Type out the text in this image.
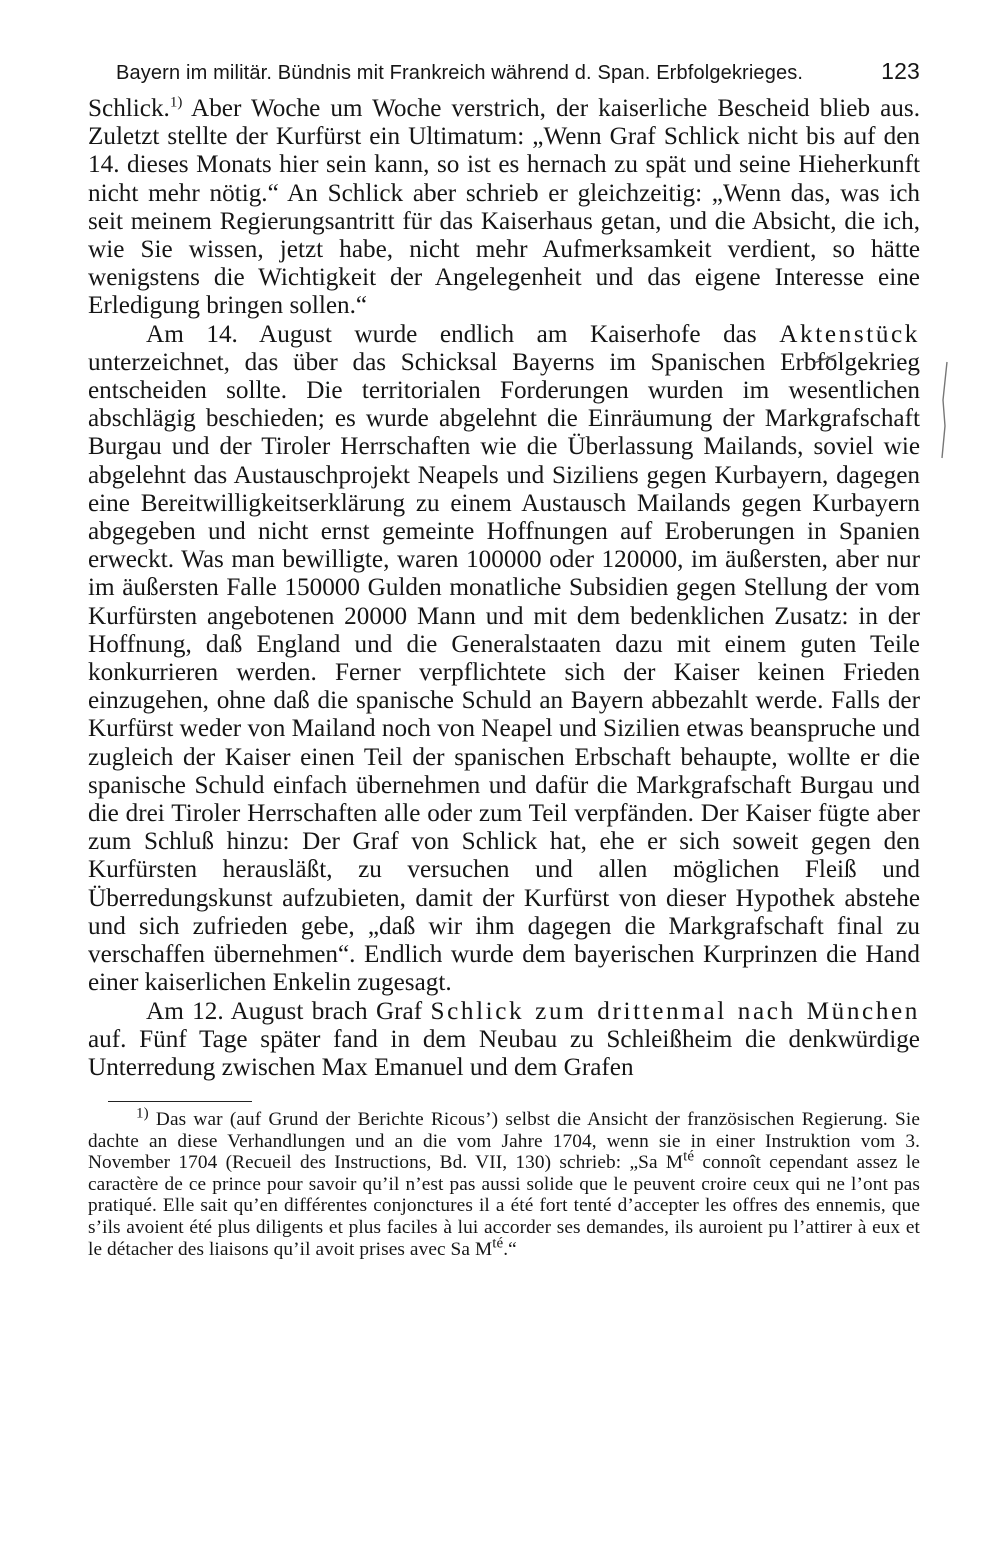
Bayern im militär. Bündnis mit Frankreich während d. Span. Erbfolgekrieges.	123

Schlick.$^{1)}$ Aber Woche um Woche verstrich, der kaiserliche Bescheid blieb aus. Zuletzt stellte der Kurfürst ein Ultimatum: „Wenn Graf Schlick nicht bis auf den 14. dieses Monats hier sein kann, so ist es hernach zu spät und seine Hieherkunft nicht mehr nötig.“ An Schlick aber schrieb er gleichzeitig: „Wenn das, was ich seit meinem Regierungsantritt für das Kaiserhaus getan, und die Absicht, die ich, wie Sie wissen, jetzt habe, nicht mehr Aufmerksamkeit verdient, so hätte wenigstens die Wichtigkeit der Angelegenheit und das eigene Interesse eine Erledigung bringen sollen.“

Am 14. August wurde endlich am Kaiserhofe das Aktenstück unterzeichnet, das über das Schicksal Bayerns im Spanischen Erbfolgekrieg entscheiden sollte. Die territorialen Forderungen wurden im wesentlichen abschlägig beschieden; es wurde abgelehnt die Einräumung der Markgrafschaft Burgau und der Tiroler Herrschaften wie die Überlassung Mailands, soviel wie abgelehnt das Austauschprojekt Neapels und Siziliens gegen Kurbayern, dagegen eine Bereitwilligkeitserklärung zu einem Austausch Mailands gegen Kurbayern abgegeben und nicht ernst gemeinte Hoffnungen auf Eroberungen in Spanien erweckt. Was man bewilligte, waren 100000 oder 120000, im äußersten, aber nur im äußersten Falle 150000 Gulden monatliche Subsidien gegen Stellung der vom Kurfürsten angebotenen 20000 Mann und mit dem bedenklichen Zusatz: in der Hoffnung, daß England und die Generalstaaten dazu mit einem guten Teile konkurrieren werden. Ferner verpflichtete sich der Kaiser keinen Frieden einzugehen, ohne daß die spanische Schuld an Bayern abbezahlt werde. Falls der Kurfürst weder von Mailand noch von Neapel und Sizilien etwas beanspruche und zugleich der Kaiser einen Teil der spanischen Erbschaft behaupte, wollte er die spanische Schuld einfach übernehmen und dafür die Markgrafschaft Burgau und die drei Tiroler Herrschaften alle oder zum Teil verpfänden. Der Kaiser fügte aber zum Schluß hinzu: Der Graf von Schlick hat, ehe er sich soweit gegen den Kurfürsten herausläßt, zu versuchen und allen möglichen Fleiß und Überredungskunst aufzubieten, damit der Kurfürst von dieser Hypothek abstehe und sich zufrieden gebe, „daß wir ihm dagegen die Markgrafschaft final zu verschaffen übernehmen“. Endlich wurde dem bayerischen Kurprinzen die Hand einer kaiserlichen Enkelin zugesagt.

Am 12. August brach Graf Schlick zum drittenmal nach München auf. Fünf Tage später fand in dem Neubau zu Schleißheim die denkwürdige Unterredung zwischen Max Emanuel und dem Grafen

$^{1)}$ Das war (auf Grund der Berichte Ricous’) selbst die Ansicht der französischen Regierung. Sie dachte an diese Verhandlungen und an die vom Jahre 1704, wenn sie in einer Instruktion vom 3. November 1704 (Recueil des Instructions, Bd. VII, 130) schrieb: „Sa $M^{té}$ connoît cependant assez le caractère de ce prince pour savoir qu’il n’est pas aussi solide que le peuvent croire ceux qui ne l’ont pas pratiqué. Elle sait qu’en différentes conjonctures il a été fort tenté d’accepter les offres des ennemis, que s’ils avoient été plus diligents et plus faciles à lui accorder ses demandes, ils auroient pu l’attirer à eux et le détacher des liaisons qu’il avoit prises avec Sa $M^{té}.“$
